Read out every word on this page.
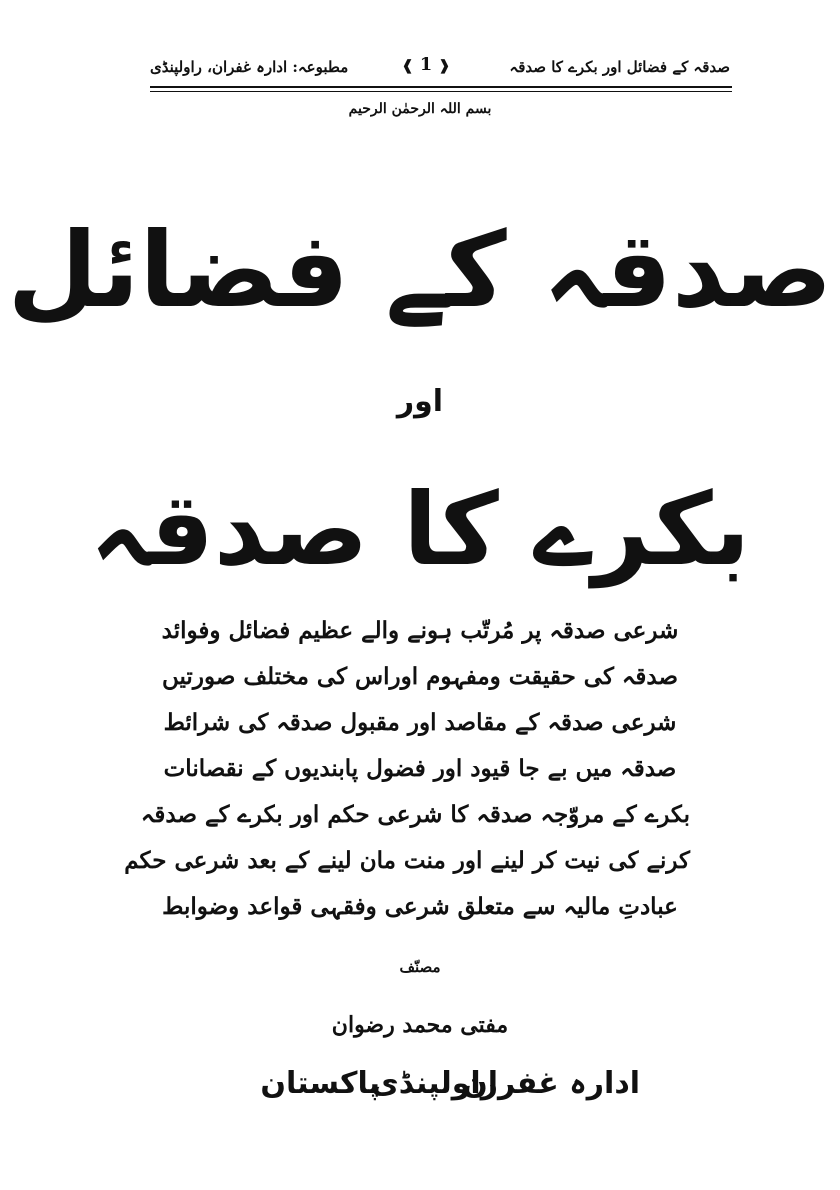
صدقہ کے فضائل اور بکرے کا صدقہ
مطبوعہ: ادارہ غفران، راولپنڈی	❰ 1 ❱
بسم اللہ الرحمٰن الرحیم
صدقہ کے فضائل
اور
بکرے کا صدقہ
شرعی صدقہ پر مُرتّب ہونے والے عظیم فضائل وفوائد
صدقہ کی حقیقت ومفہوم اوراس کی مختلف صورتیں
شرعی صدقہ کے مقاصد اور مقبول صدقہ کی شرائط
صدقہ میں بے جا قیود اور فضول پابندیوں کے نقصانات
بکرے کے مروّجہ صدقہ کا شرعی حکم اور بکرے کے صدقہ
کرنے کی نیت کر لینے اور منت مان لینے کے بعد شرعی حکم
عبادتِ مالیہ سے متعلق شرعی وفقہی قواعد وضوابط
مصنّف
مفتی محمد رضوان
ادارہ غفران
راولپنڈی
پاکستان
